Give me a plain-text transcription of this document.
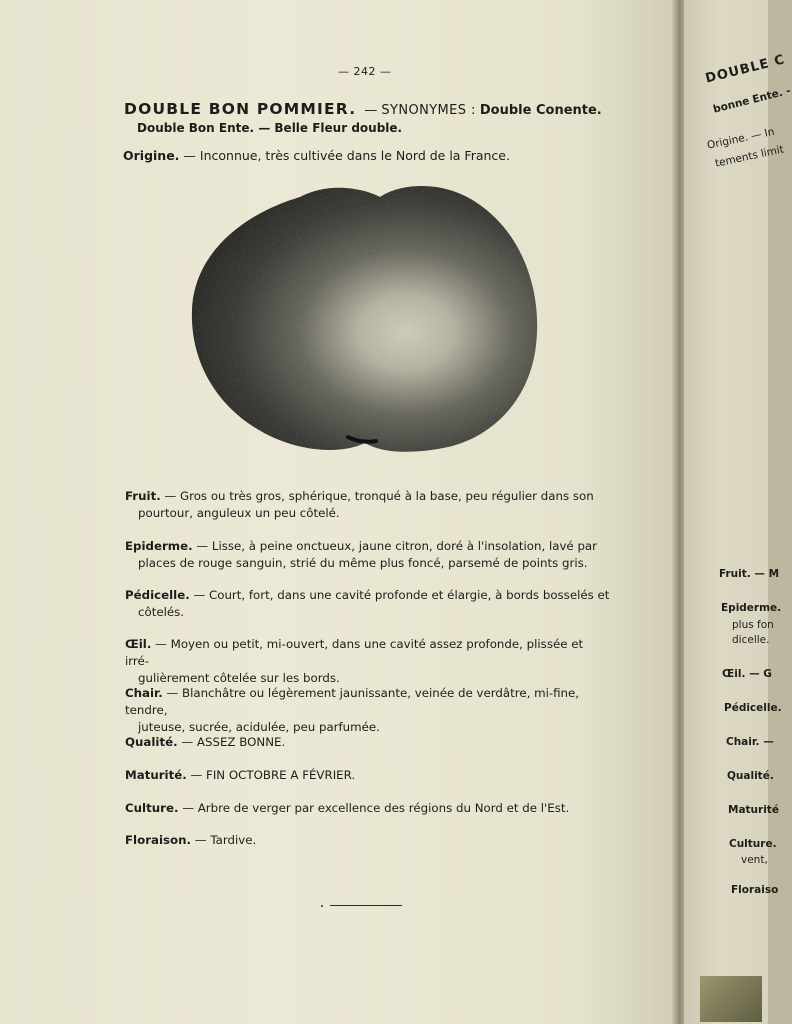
— 242 —
DOUBLE BON POMMIER. — SYNONYMES : Double Conente.
Double Bon Ente. — Belle Fleur double.
Origine. — Inconnue, très cultivée dans le Nord de la France.
Fruit. — Gros ou très gros, sphérique, tronqué à la base, peu régulier dans son
pourtour, anguleux un peu côtelé.
Epiderme. — Lisse, à peine onctueux, jaune citron, doré à l'insolation, lavé par
places de rouge sanguin, strié du même plus foncé, parsemé de points gris.
Pédicelle. — Court, fort, dans une cavité profonde et élargie, à bords bosselés et
côtelés.
Œil. — Moyen ou petit, mi-ouvert, dans une cavité assez profonde, plissée et irré-
gulièrement côtelée sur les bords.
Chair. — Blanchâtre ou légèrement jaunissante, veinée de verdâtre, mi-fine, tendre,
juteuse, sucrée, acidulée, peu parfumée.
Qualité. — ASSEZ BONNE.
Maturité. — FIN OCTOBRE A FÉVRIER.
Culture. — Arbre de verger par excellence des régions du Nord et de l'Est.
Floraison. — Tardive.
DOUBLE C
bonne Ente. -
Origine. — In
tements limit
Fruit. — M
Epiderme.
plus fon
dicelle.
Œil. — G
Pédicelle.
Chair. —
Qualité.
Maturité
Culture.
vent,
Floraiso
